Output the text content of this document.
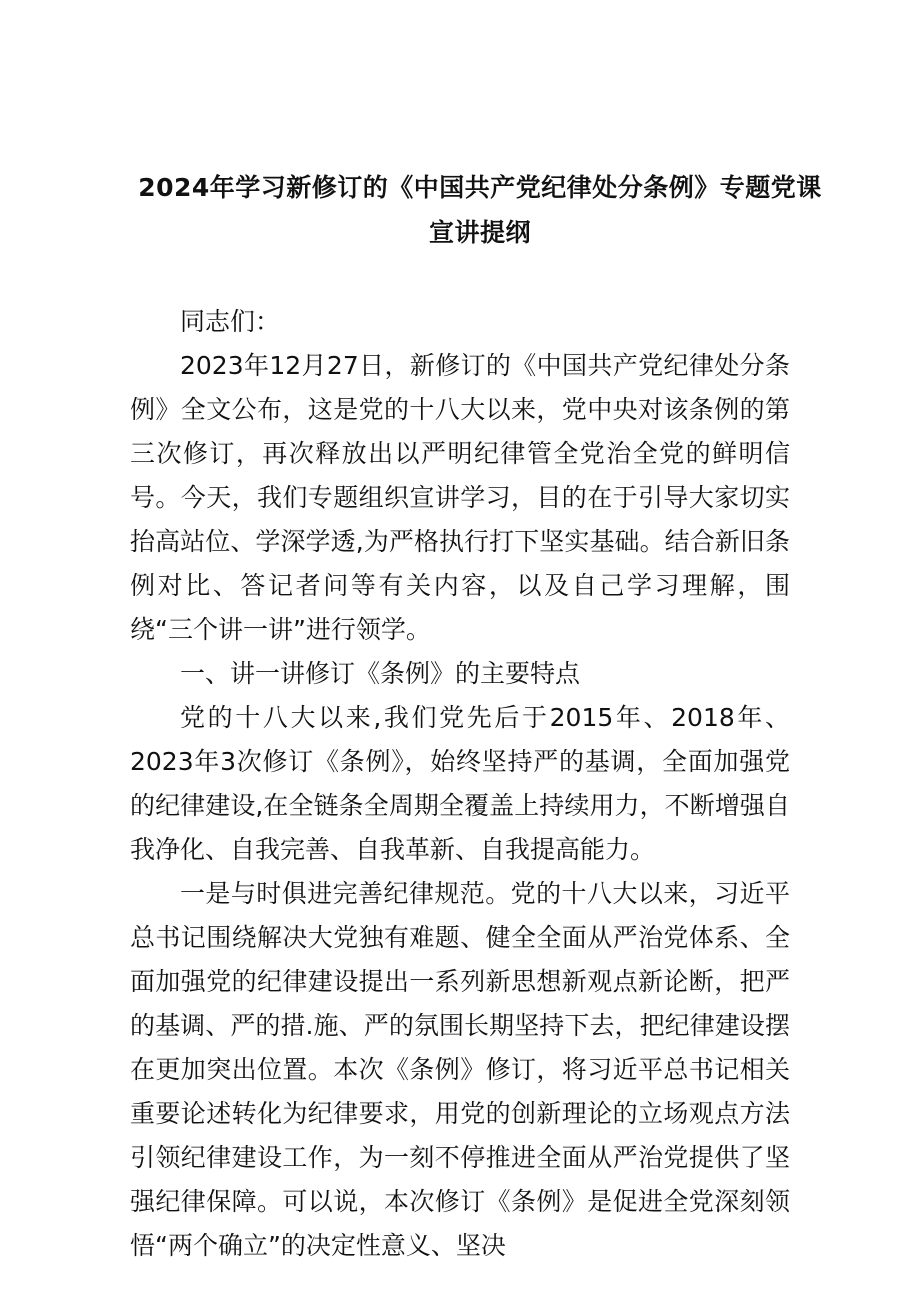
2024年学习新修订的《中国共产党纪律处分条例》专题党课
宣讲提纲

同志们：

2023年12月27日，新修订的《中国共产党纪律处分条例》全文公布，这是党的十八大以来，党中央对该条例的第三次修订，再次释放出以严明纪律管全党治全党的鲜明信号。今天，我们专题组织宣讲学习，目的在于引导大家切实抬高站位、学深学透,为严格执行打下坚实基础。结合新旧条例对比、答记者问等有关内容，以及自己学习理解，围绕“三个讲一讲”进行领学。

一、讲一讲修订《条例》的主要特点

党的十八大以来,我们党先后于2015年、2018年、2023年3次修订《条例》，始终坚持严的基调，全面加强党的纪律建设,在全链条全周期全覆盖上持续用力，不断增强自我净化、自我完善、自我革新、自我提高能力。

一是与时俱进完善纪律规范。党的十八大以来，习近平总书记围绕解决大党独有难题、健全全面从严治党体系、全面加强党的纪律建设提出一系列新思想新观点新论断，把严的基调、严的措.施、严的氛围长期坚持下去，把纪律建设摆在更加突出位置。本次《条例》修订，将习近平总书记相关重要论述转化为纪律要求，用党的创新理论的立场观点方法引领纪律建设工作，为一刻不停推进全面从严治党提供了坚强纪律保障。可以说，本次修订《条例》是促进全党深刻领悟“两个确立”的决定性意义、坚决
